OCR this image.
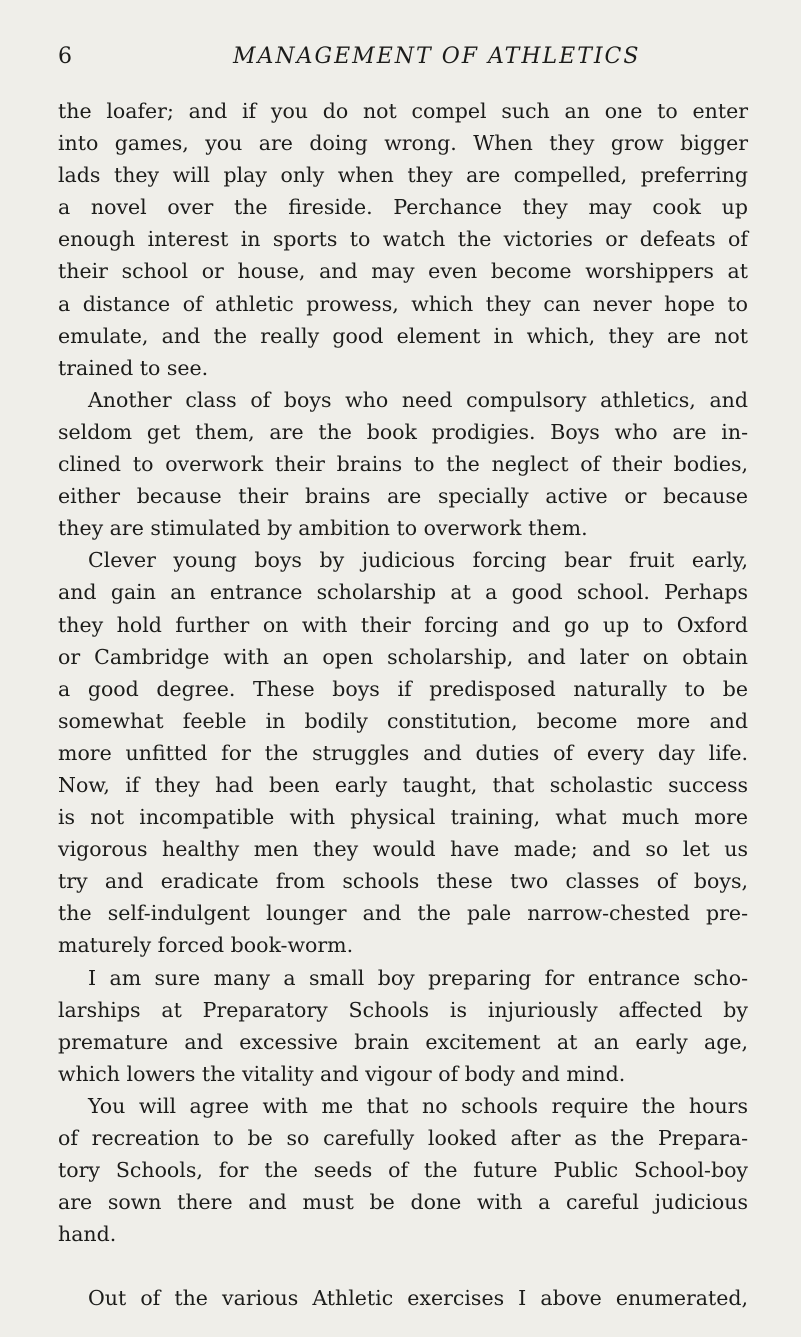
6	MANAGEMENT OF ATHLETICS
the loafer; and if you do not compel such an one to enter
into games, you are doing wrong. When they grow bigger
lads they will play only when they are compelled, preferring
a novel over the fireside. Perchance they may cook up
enough interest in sports to watch the victories or defeats of
their school or house, and may even become worshippers at
a distance of athletic prowess, which they can never hope to
emulate, and the really good element in which, they are not
trained to see.
Another class of boys who need compulsory athletics, and
seldom get them, are the book prodigies. Boys who are in-
clined to overwork their brains to the neglect of their bodies,
either because their brains are specially active or because
they are stimulated by ambition to overwork them.
Clever young boys by judicious forcing bear fruit early,
and gain an entrance scholarship at a good school. Perhaps
they hold further on with their forcing and go up to Oxford
or Cambridge with an open scholarship, and later on obtain
a good degree. These boys if predisposed naturally to be
somewhat feeble in bodily constitution, become more and
more unfitted for the struggles and duties of every day life.
Now, if they had been early taught, that scholastic success
is not incompatible with physical training, what much more
vigorous healthy men they would have made; and so let us
try and eradicate from schools these two classes of boys,
the self-indulgent lounger and the pale narrow-chested pre-
maturely forced book-worm.
I am sure many a small boy preparing for entrance scho-
larships at Preparatory Schools is injuriously affected by
premature and excessive brain excitement at an early age,
which lowers the vitality and vigour of body and mind.
You will agree with me that no schools require the hours
of recreation to be so carefully looked after as the Prepara-
tory Schools, for the seeds of the future Public School-boy
are sown there and must be done with a careful judicious
hand.
Out of the various Athletic exercises I above enumerated,
